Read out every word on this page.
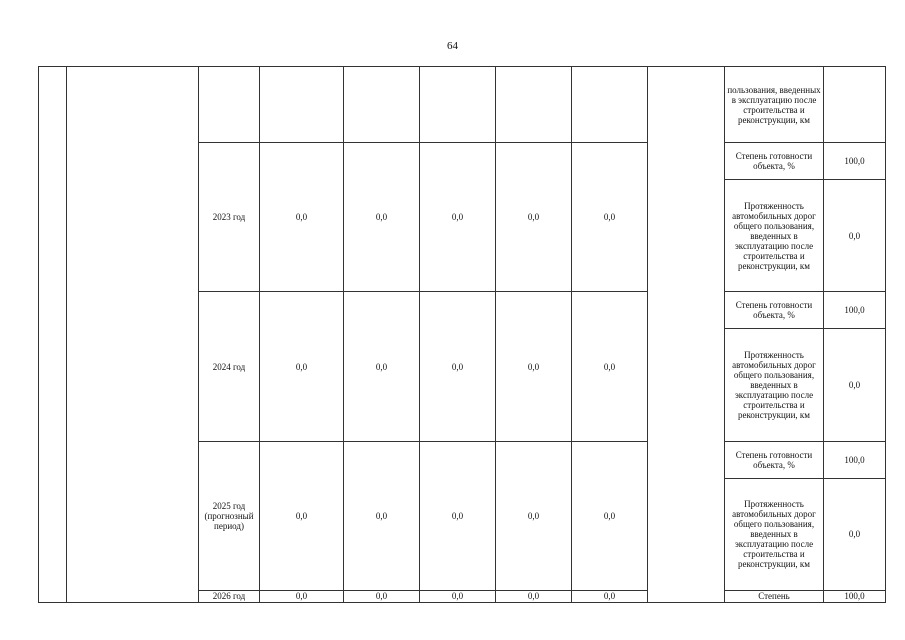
64
									пользования, введенных в эксплуатацию после строительства и реконструкции, км	
		2023 год	0,0	0,0	0,0	0,0	0,0		Степень готовности объекта, %	100,0
									Протяженность автомобильных дорог общего пользования, введенных в эксплуатацию после строительства и реконструкции, км	0,0
		2024 год	0,0	0,0	0,0	0,0	0,0		Степень готовности объекта, %	100,0
									Протяженность автомобильных дорог общего пользования, введенных в эксплуатацию после строительства и реконструкции, км	0,0
		2025 год (прогнозный период)	0,0	0,0	0,0	0,0	0,0		Степень готовности объекта, %	100,0
									Протяженность автомобильных дорог общего пользования, введенных в эксплуатацию после строительства и реконструкции, км	0,0
		2026 год	0,0	0,0	0,0	0,0	0,0		Степень	100,0
